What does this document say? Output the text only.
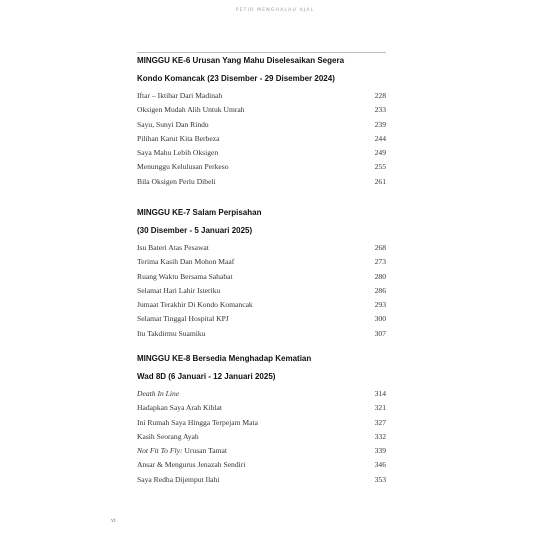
PETIR MENGHALAU AJAL
MINGGU KE-6 Urusan Yang Mahu Diselesaikan Segera
Kondo Komancak (23 Disember - 29 Disember 2024)
Iftar – Iktibar Dari Madinah	228
Oksigen Mudah Alih Untuk Umrah	233
Sayu, Sunyi Dan Rindu	239
Pilihan Karut Kita Berbeza	244
Saya Mahu Lebih Oksigen	249
Menunggu Kelulusan Perkeso	255
Bila Oksigen Perlu Dibeli	261
MINGGU KE-7 Salam Perpisahan
(30 Disember - 5 Januari 2025)
Isu Bateri Atas Pesawat	268
Terima Kasih Dan Mohon Maaf	273
Ruang Waktu Bersama Sahabat	280
Selamat Hari Lahir Isteriku	286
Jumaat Terakhir Di Kondo Komancak	293
Selamat Tinggal Hospital KPJ	300
Itu Takdirmu Suamiku	307
MINGGU KE-8 Bersedia Menghadap Kematian
Wad 8D (6 Januari - 12 Januari 2025)
Death In Line	314
Hadapkan Saya Arah Kiblat	321
Ini Rumah Saya Hingga Terpejam Mata	327
Kasih Seorang Ayah	332
Not Fit To Fly: Urusan Tamat	339
Ansar & Mengurus Jenazah Sendiri	346
Saya Redha Dijemput Ilahi	353
vi
